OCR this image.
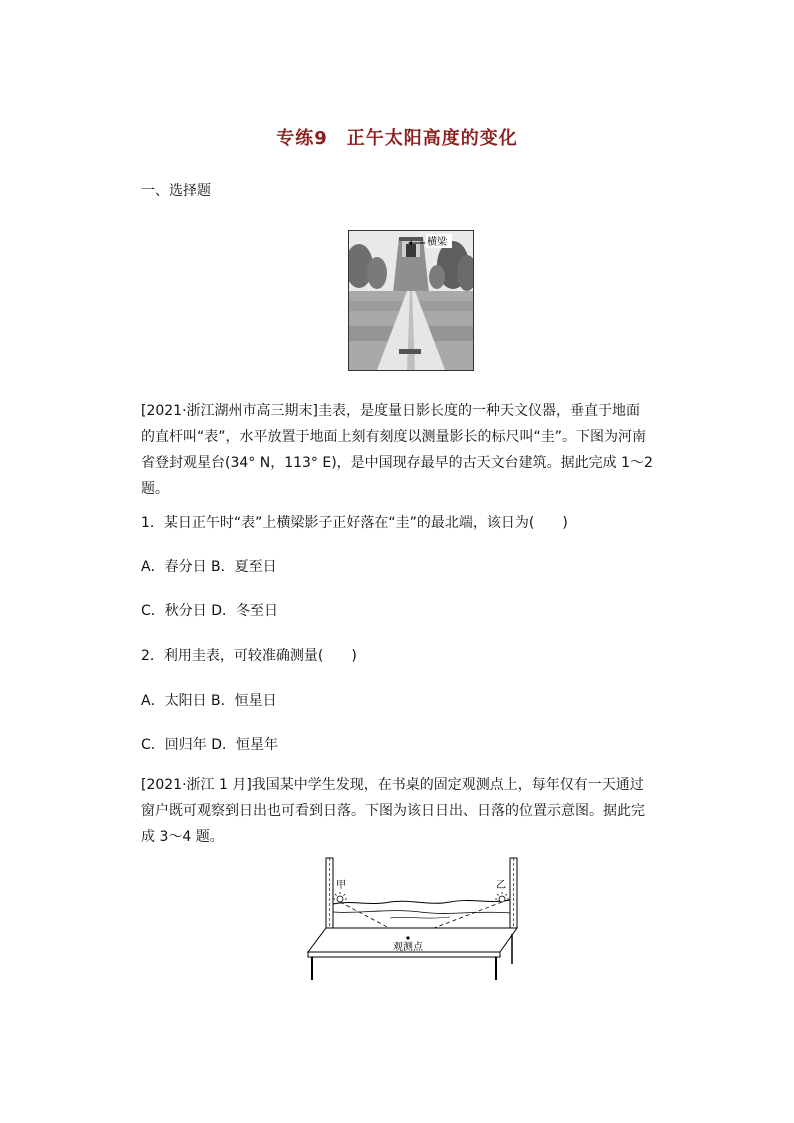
专练9　正午太阳高度的变化
一、选择题
横梁
[2021·浙江湖州市高三期末]圭表，是度量日影长度的一种天文仪器，垂直于地面的直杆叫“表”，水平放置于地面上刻有刻度以测量影长的标尺叫“圭”。下图为河南省登封观星台(34° N，113° E)，是中国现存最早的古天文台建筑。据此完成 1～2 题。
1．某日正午时“表”上横梁影子正好落在“圭”的最北端，该日为(　　)
A．春分日 B．夏至日
C．秋分日 D．冬至日
2．利用圭表，可较准确测量(　　)
A．太阳日 B．恒星日
C．回归年 D．恒星年
[2021·浙江 1 月]我国某中学生发现，在书桌的固定观测点上，每年仅有一天通过窗户既可观察到日出也可看到日落。下图为该日日出、日落的位置示意图。据此完成 3～4 题。
甲	乙
观测点
